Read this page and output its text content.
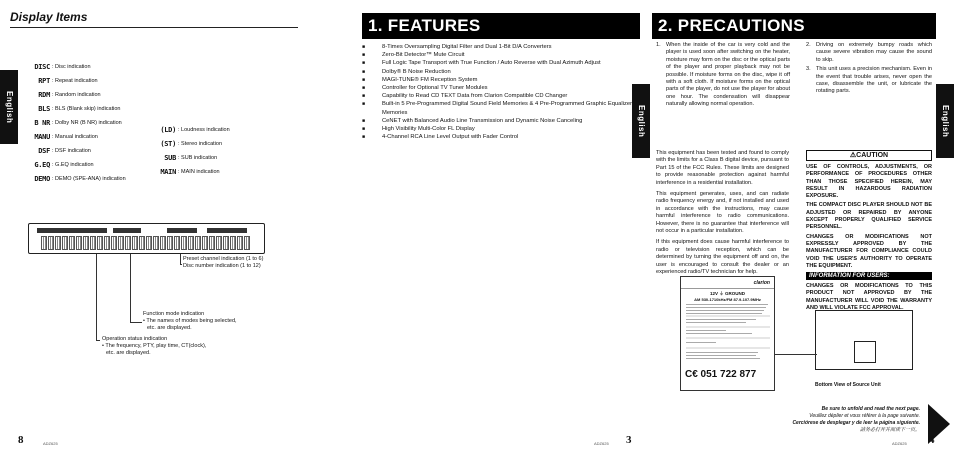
Display Items
English
DISC : Disc indication
RPT : Repeat indication
RDM : Random indication
BLS : BLS (Blank skip) indication
B NR : Dolby NR (B NR) indication
MANU : Manual indication
DSF : DSF indication
G.EQ : G.EQ indication
DEMO : DEMO (SPE-ANA) indication
(LD) : Loudness indication
(ST) : Stereo indication
SUB : SUB indication
MAIN : MAIN indication
Preset channel indication (1 to 6)
Disc number indication (1 to 12)
Function mode indication
• The names of modes being selected,
etc. are displayed.
Operation status indication
• The frequency, PTY, play time, CT(clock),
etc. are displayed.
8	ADZ625
1. FEATURES
■	8-Times Oversampling Digital Filter and Dual 1-Bit D/A Converters
■	Zero-Bit Detector™ Mute Circuit
■	Full Logic Tape Transport with True Function / Auto Reverse with Dual Azimuth Adjust
■	Dolby® B Noise Reduction
■	MAGI-TUNE® FM Reception System
■	Controller for Optional TV Tuner Modules
■	Capability to Read CD TEXT Data from Clarion Compatible CD Changer
■	Built-in 5 Pre-Programmed Digital Sound Field Memories & 4 Pre-Programmed Graphic Equalizer Memories
■	CeNET with Balanced Audio Line Transmission and Dynamic Noise Canceling
■	High Visibility Multi-Color FL Display
■	4-Channel RCA Line Level Output with Fader Control
3
ADZ625
2. PRECAUTIONS
English	English
1. When the inside of the car is very cold and the player is used soon after switching on the heater, moisture may form on the disc or the optical parts of the player and proper playback may not be possible. If moisture forms on the disc, wipe it off with a soft cloth. If moisture forms on the optical parts of the player, do not use the player for about one hour. The condensation will disappear naturally allowing normal operation.
2. Driving on extremely bumpy roads which cause severe vibration may cause the sound to skip.
3. This unit uses a precision mechanism. Even in the event that trouble arises, never open the case, disassemble the unit, or lubricate the rotating parts.

This equipment has been tested and found to comply with the limits for a Class B digital device, pursuant to Part 15 of the FCC Rules. These limits are designed to provide reasonable protection against harmful interference in a residential installation.

This equipment generates, uses, and can radiate radio frequency energy and, if not installed and used in accordance with the instructions, may cause harmful interference to radio communications. However, there is no guarantee that interference will not occur in a particular installation.

If this equipment does cause harmful interference to radio or television reception, which can be determined by turning the equipment off and on, the user is encouraged to consult the dealer or an experienced radio/TV technician for help.

⚠CAUTION

USE OF CONTROLS, ADJUSTMENTS, OR PERFORMANCE OF PROCEDURES OTHER THAN THOSE SPECIFIED HEREIN, MAY RESULT IN HAZARDOUS RADIATION EXPOSURE.

THE COMPACT DISC PLAYER SHOULD NOT BE ADJUSTED OR REPAIRED BY ANYONE EXCEPT PROPERLY QUALIFIED SERVICE PERSONNEL.

CHANGES OR MODIFICATIONS NOT EXPRESSLY APPROVED BY THE MANUFACTURER FOR COMPLIANCE COULD VOID THE USER'S AUTHORITY TO OPERATE THE EQUIPMENT.

INFORMATION FOR USERS:

CHANGES OR MODIFICATIONS TO THIS PRODUCT NOT APPROVED BY THE MANUFACTURER WILL VOID THE WARRANTY AND WILL VIOLATE FCC APPROVAL.

clarion
12V ⏚ GROUND
AM 530-1710kHz/FM 87.9-107.9MHz
C€ 051 722 877
Bottom View of Source Unit
Be sure to unfold and read the next page.
Veuillez déplier et vous référer à la page suivante.
Cerciórese de desplegar y de leer la página siguiente.
請务必打开并阅读下一页。
ADZ625 4
